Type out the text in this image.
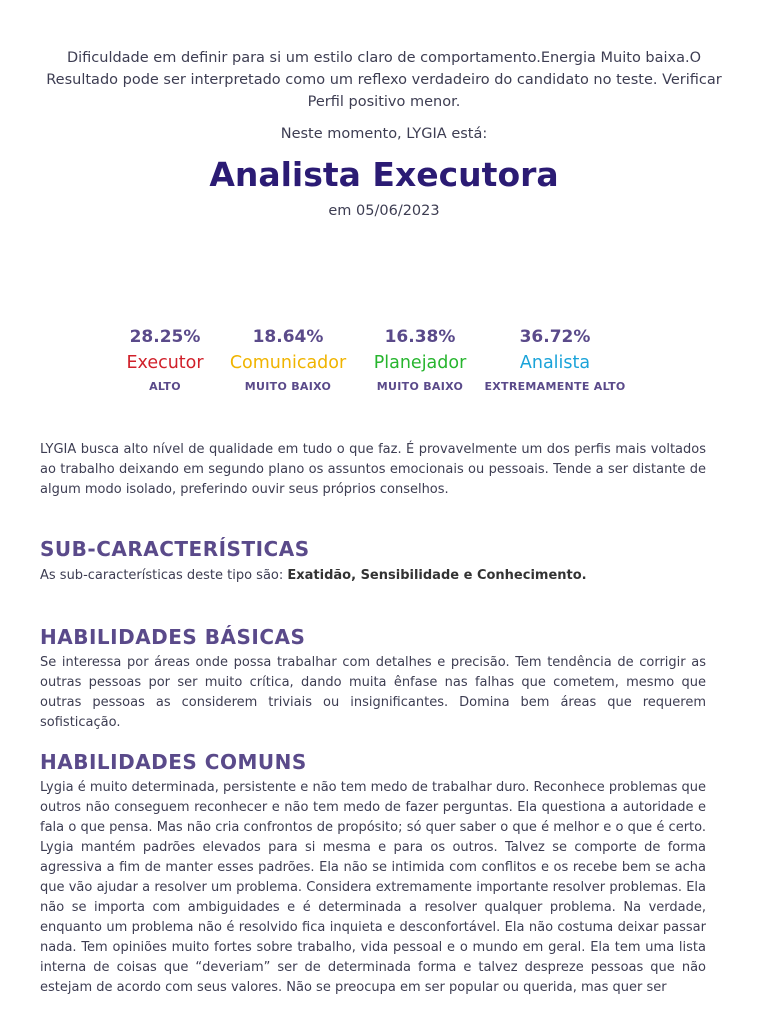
Dificuldade em definir para si um estilo claro de comportamento.Energia Muito baixa.O Resultado pode ser interpretado como um reflexo verdadeiro do candidato no teste. Verificar Perfil positivo menor.
Neste momento, LYGIA está:
Analista Executora
em 05/06/2023
28.25%
Executor
ALTO
18.64%
Comunicador
MUITO BAIXO
16.38%
Planejador
MUITO BAIXO
36.72%
Analista
EXTREMAMENTE ALTO
LYGIA busca alto nível de qualidade em tudo o que faz. É provavelmente um dos perfis mais voltados ao trabalho deixando em segundo plano os assuntos emocionais ou pessoais. Tende a ser distante de algum modo isolado, preferindo ouvir seus próprios conselhos.
SUB-CARACTERÍSTICAS
As sub-características deste tipo são: Exatidão, Sensibilidade e Conhecimento.
HABILIDADES BÁSICAS
Se interessa por áreas onde possa trabalhar com detalhes e precisão. Tem tendência de corrigir as outras pessoas por ser muito crítica, dando muita ênfase nas falhas que cometem, mesmo que outras pessoas as considerem triviais ou insignificantes. Domina bem áreas que requerem sofisticação.
HABILIDADES COMUNS
Lygia é muito determinada, persistente e não tem medo de trabalhar duro. Reconhece problemas que outros não conseguem reconhecer e não tem medo de fazer perguntas. Ela questiona a autoridade e fala o que pensa. Mas não cria confrontos de propósito; só quer saber o que é melhor e o que é certo. Lygia mantém padrões elevados para si mesma e para os outros. Talvez se comporte de forma agressiva a fim de manter esses padrões. Ela não se intimida com conflitos e os recebe bem se acha que vão ajudar a resolver um problema. Considera extremamente importante resolver problemas. Ela não se importa com ambiguidades e é determinada a resolver qualquer problema. Na verdade, enquanto um problema não é resolvido fica inquieta e desconfortável. Ela não costuma deixar passar nada. Tem opiniões muito fortes sobre trabalho, vida pessoal e o mundo em geral. Ela tem uma lista interna de coisas que “deveriam” ser de determinada forma e talvez despreze pessoas que não estejam de acordo com seus valores. Não se preocupa em ser popular ou querida, mas quer ser
